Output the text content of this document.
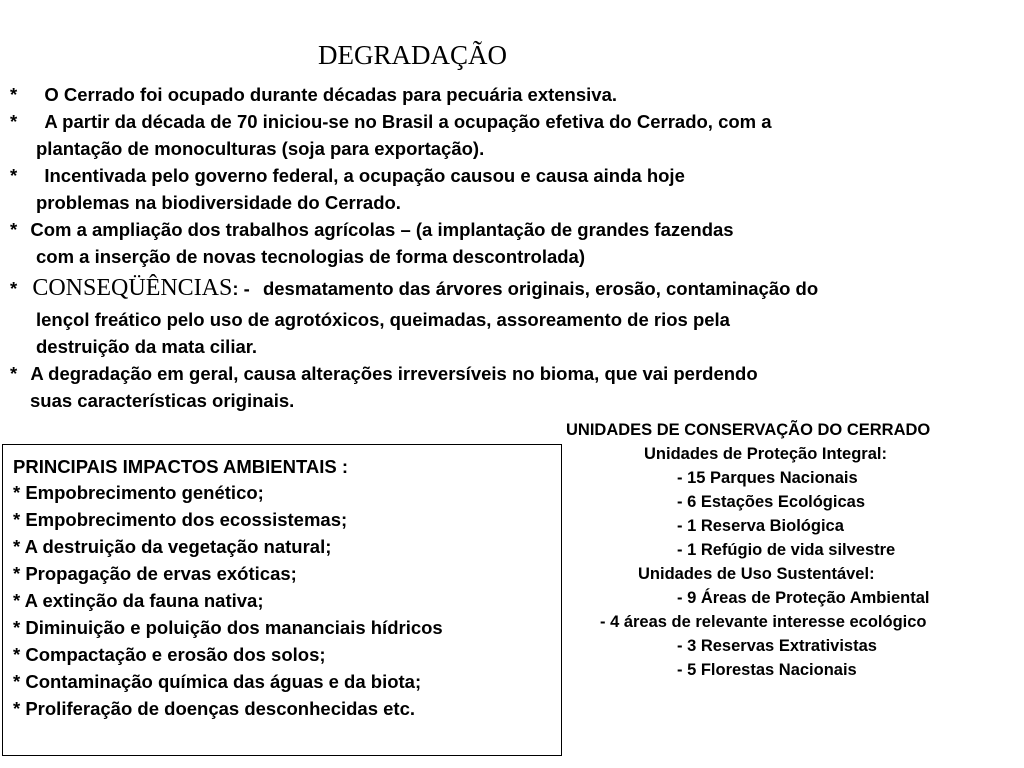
DEGRADAÇÃO
* O Cerrado foi ocupado durante décadas para pecuária extensiva.
* A partir da década de 70 iniciou-se no Brasil a ocupação efetiva do Cerrado, com a
plantação de monoculturas (soja para exportação).
* Incentivada pelo governo federal, a ocupação causou e causa ainda hoje
problemas na biodiversidade do Cerrado.
* Com a ampliação dos trabalhos agrícolas – (a implantação de grandes fazendas
com a inserção de novas tecnologias de forma descontrolada)
* CONSEQÜÊNCIAS: - desmatamento das árvores originais, erosão, contaminação do
lençol freático pelo uso de agrotóxicos, queimadas, assoreamento de rios pela
destruição da mata ciliar.
* A degradação em geral, causa alterações irreversíveis no bioma, que vai perdendo
suas características originais.
PRINCIPAIS IMPACTOS AMBIENTAIS :
* Empobrecimento genético;
* Empobrecimento dos ecossistemas;
* A destruição da vegetação natural;
* Propagação de ervas exóticas;
* A extinção da fauna nativa;
* Diminuição e poluição dos mananciais hídricos
* Compactação e erosão dos solos;
* Contaminação química das águas e da biota;
* Proliferação de doenças desconhecidas etc.
UNIDADES DE CONSERVAÇÃO DO CERRADO
Unidades de Proteção Integral:
- 15 Parques Nacionais
- 6 Estações Ecológicas
- 1 Reserva Biológica
- 1 Refúgio de vida silvestre
Unidades de Uso Sustentável:
- 9 Áreas de Proteção Ambiental
- 4 áreas de relevante interesse ecológico
- 3 Reservas Extrativistas
- 5 Florestas Nacionais
